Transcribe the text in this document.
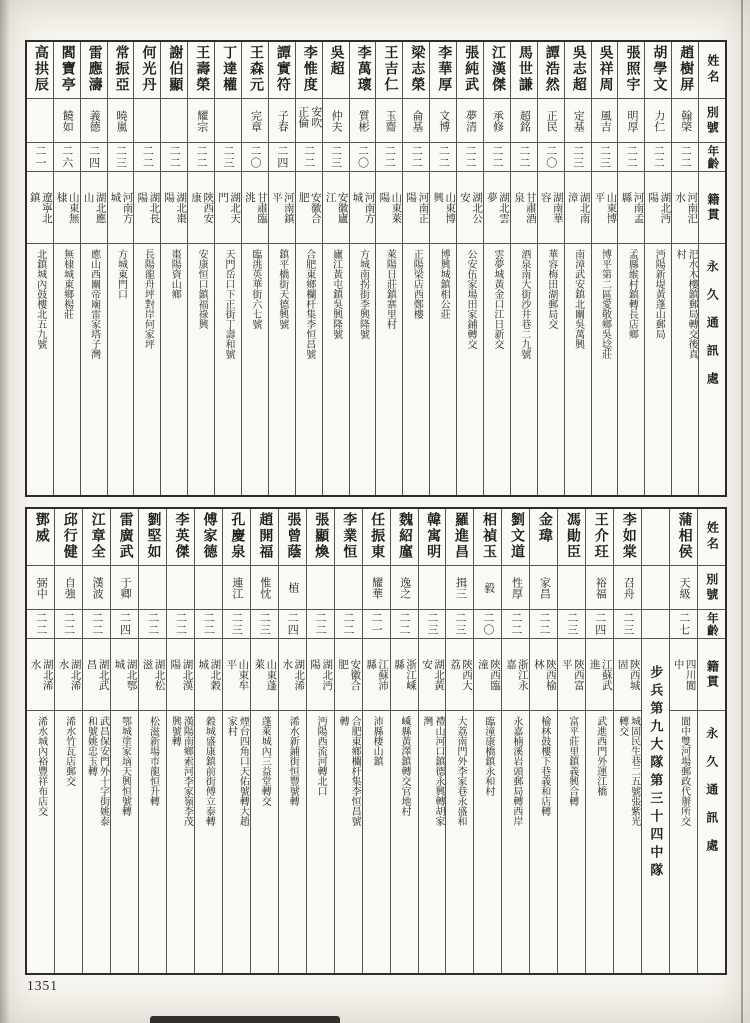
姓名
別號
年齡
籍貫
永久通訊處
趙樹屏
翰棨
二二
河南汜水
汜水木樓鎮郵局轉交後真村
胡學文
力仁
二二
湖北沔陽
沔陽新堤黃蓬山郵局
張照宇
明厚
二二
河南孟縣
孟縣緱村鎮轉長店鄉
吳祥周
風吉
二三
山東博平
博平第二區愛敬鄉吳埝莊
吳志超
定基
二三
湖北南漳
南漳武安鎮北關吳萬興
譚浩然
正民
二〇
湖南華容
華容梅田湖郵局交
馬世謙
超銘
二二
甘肅酒泉
酒泉南大街沙井巷二九號
江漢傑
承修
二二
湖北雲夢
雲夢城黃金口江日新交
張純武
夢清
二二
湖北公安
公安伍家場田家鋪轉交
李華厚
文博
二二
山東博興
博興城鎮相公莊
梁志榮
侖基
二二
河南正陽
正陽梁店西鄭樓
王吉仁
玉齋
二二
山東萊陽
萊陽日莊鎮寨里村
李萬瓌
質彬
二〇
河南方城
方城南拐街李興隆號
吳超
仲夫
二三
安徽廬江
廬江黃屯鎮吳興隆號
李惟度
安吹正倫
二二
安徽合肥
合肥東鄉欄杆集李恒昌號
譚實符
子春
二四
河南鎮平
鎮平橋街天德興號
王森元
完章
二〇
甘肅臨洮
臨洮英華街六七號
丁達權
二三
湖北天門
天門岳口下正街丁壽和號
王壽榮
耀宗
二二
陝西安康
安康恒口鎮福祿興
謝伯顯
二二
湖北棗陽
棗陽資山鄉
何光丹
二二
湖北長陽
長陽龍舟坪對岸何家坪
常振亞
曉嵐
二三
河南方城
方城東門口
雷應濤
義德
二四
湖北應山
應山西關帝廟雷家塔子灣
閻寶亭
饒如
二六
山東無棣
無棣城東鄉楊莊
高拱辰
二一
遼寧北鎮
北鎮城內鼓樓北五九號
姓名
別號
年齡
籍貫
永久通訊處
蒲相侯
天級
二七
四川閬中
閬中雙河場郵政代辦所交
步兵第九大隊第三十四中隊
李如棠
召舟
二三
陝西城固
城固民生巷二五號張紫光轉交
王介玨
裕福
二四
江蘇武進
武進西門外運江橋
馮勛臣
二三
陝西富平
富平莊里鎮義興合轉
金瑋
家昌
二二
陝西榆林
榆林鼓樓下巷義和店轉
劉文道
性厚
二二
浙江永嘉
永嘉楠溪岩頭郵局轉西岸
相禎玉
毅
二〇
陝西臨潼
臨潼康橋鎮永和村
羅進昌
揖三
二三
陝西大荔
大荔南門外李家巷永盛和
韓寓明
二三
湖北黃安
禮山河口鎮德永興轉胡家灣
魏紹廑
逸之
二二
浙江嵊縣
嵊縣黃澤鎮轉交官地村
任振東
耀華
二一
江蘇沛縣
沛縣棲山鎮
李業恒
二二
安徽合肥
合肥東鄉欄杆集李恒昌號轉
張顯煥
二二
湖北沔陽
沔陽西流河轉北口
張曾蔭
植
二四
湖北浠水
浠水新鋪街恒豐號轉
趙開福
惟忱
二三
山東蓬萊
蓬萊城內三益堂轉交
孔慶泉
連江
二三
山東牟平
煙台四角口天佑號轉大趙家村
傅家德
二二
湖北穀城
穀城盛康鎮前街傅立泰轉
李英傑
二二
湖北漢陽
漢陽南鄉索河李家嶺李茂興號轉
劉堅如
二二
湖北松滋
松滋新場市龍恒升轉
雷廣武
于卿
二四
湖北鄂城
鄂城塗家垴天興恒號轉
江章全
漢波
二二
湖北武昌
武昌保安門外十字街姚泰和號姚忠玉轉
邱行健
自強
二二
湖北浠水
浠水竹瓦店郵交
鄧威
弼中
二二
湖北浠水
浠水城內裕豐祥布店交
1351
